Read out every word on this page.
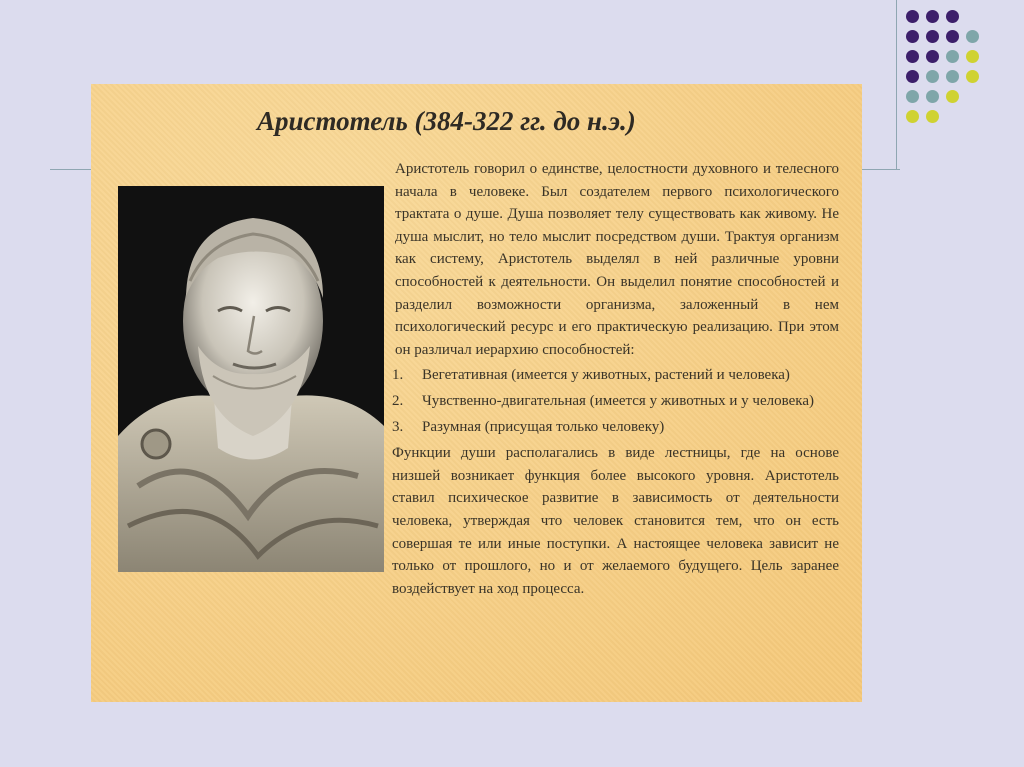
Аристотель (384-322 гг. до н.э.)

Аристотель говорил о единстве, целостности духовного и телесного начала в человеке. Был создателем первого психологического трактата о душе. Душа позволяет телу существовать как живому. Не душа мыслит, но тело мыслит посредством души. Трактуя организм как систему, Аристотель выделял в ней различные уровни способностей к деятельности. Он выделил понятие способностей и разделил возможности организма, заложенный в нем психологический ресурс и его практическую реализацию. При этом он различал иерархию способностей:

1.	Вегетативная (имеется у животных, растений и человека)
2.	Чувственно-двигательная (имеется у животных и у человека)
3.	Разумная (присущая только человеку)

Функции души располагались в виде лестницы, где на основе низшей возникает функция более высокого уровня. Аристотель ставил психическое развитие в зависимость от деятельности человека, утверждая что человек становится тем, что он есть совершая те или иные поступки. А настоящее человека зависит не только от прошлого, но и от желаемого будущего. Цель заранее воздействует на ход процесса.
